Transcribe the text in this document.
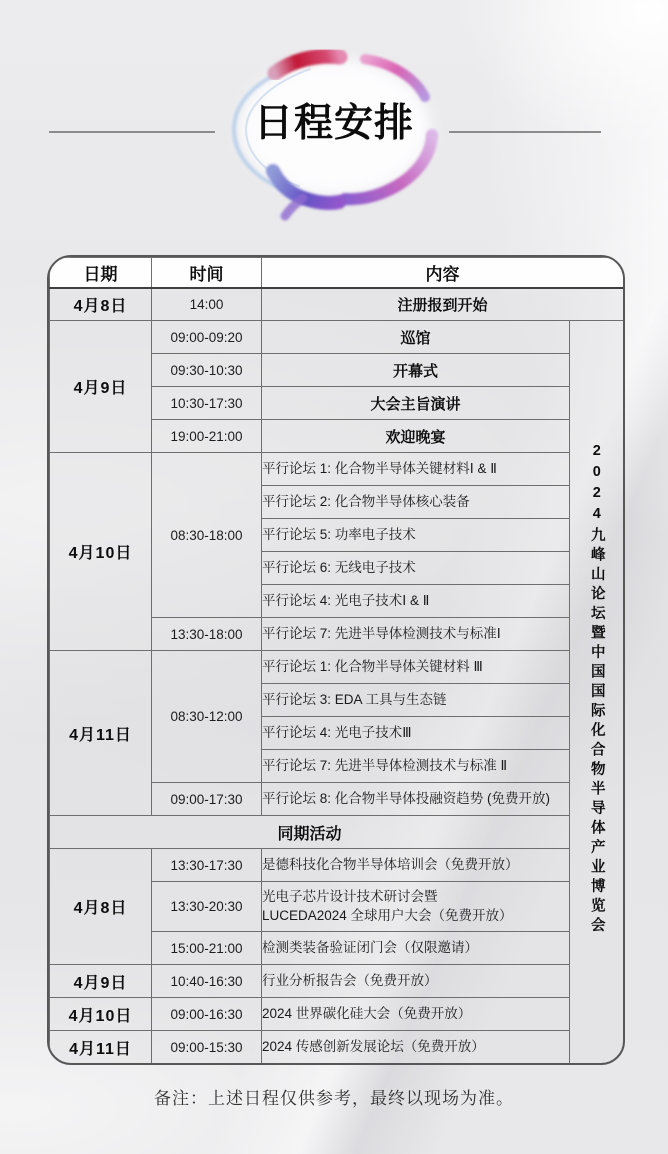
日程安排
日期	时间	内容	
4月8日	14:00	注册报到开始	
4月9日	09:00-09:20	巡馆	2024九峰山论坛暨中国国际化合物半导体产业博览会
	09:30-10:30	开幕式	
	10:30-17:30	大会主旨演讲	
	19:00-21:00	欢迎晚宴	
4月10日	08:30-18:00	平行论坛 1: 化合物半导体关键材料Ⅰ & Ⅱ	
		平行论坛 2: 化合物半导体核心装备	
		平行论坛 5: 功率电子技术	
		平行论坛 6: 无线电子技术	
		平行论坛 4: 光电子技术Ⅰ & Ⅱ	
	13:30-18:00	平行论坛 7: 先进半导体检测技术与标准Ⅰ	
4月11日	08:30-12:00	平行论坛 1: 化合物半导体关键材料 Ⅲ	
		平行论坛 3: EDA 工具与生态链	
		平行论坛 4: 光电子技术Ⅲ	
		平行论坛 7: 先进半导体检测技术与标准 Ⅱ	
	09:00-17:30	平行论坛 8: 化合物半导体投融资趋势 (免费开放)	
同期活动			
4月8日	13:30-17:30	是德科技化合物半导体培训会（免费开放）	
	13:30-20:30	光电子芯片设计技术研讨会暨
LUCEDA2024 全球用户大会（免费开放）	

	15:00-21:00	检测类装备验证闭门会（仅限邀请）	
4月9日	10:40-16:30	行业分析报告会（免费开放）	
4月10日	09:00-16:30	2024 世界碳化硅大会（免费开放）	
4月11日	09:00-15:30	2024 传感创新发展论坛（免费开放）	

备注：上述日程仅供参考，最终以现场为准。
